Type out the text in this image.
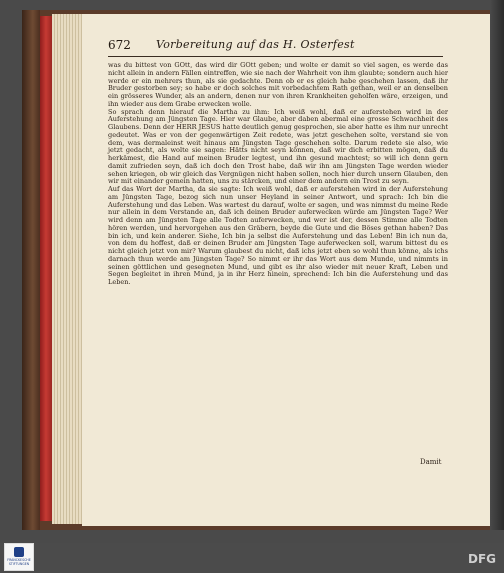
672 Vorbereitung auf das H. Osterfest

was du bittest von GOtt, das wird dir GOtt geben; und wolte er damit so viel sagen, es werde das nicht allein in andern Fällen eintreffen, wie sie nach der Wahrheit von ihm glaubte; sondern auch hier werde er ein mehrers thun, als sie gedachte. Denn ob er es gleich habe geschehen lassen, daß ihr Bruder gestorben sey; so habe er doch solches mit vorbedachtem Rath gethan, weil er an denselben ein grösseres Wunder, als an andern, denen nur von ihren Krankheiten geholfen wäre, erzeigen, und ihn wieder aus dem Grabe erwecken wolle.

So sprach denn hierauf die Martha zu ihm: Ich weiß wohl, daß er auferstehen wird in der Auferstehung am Jüngsten Tage. Hier war Glaube, aber daben abermal eine grosse Schwachheit des Glaubens. Denn der HERR JESUS hatte deutlich genug gesprochen, sie aber hatte es ihm nur unrecht gedeutet. Was er von der gegenwärtigen Zeit redete, was jetzt geschehen solte, verstand sie von dem, was dermaleinst weit hinaus am Jüngsten Tage geschehen solte. Darum redete sie also, wie jetzt gedacht, als wolte sie sagen: Hätts nicht seyn können, daß wir dich erbitten mögen, daß du herkämest, die Hand auf meinen Bruder legtest, und ihn gesund machtest; so will ich denn gern damit zufrieden seyn, daß ich doch den Trost habe, daß wir ihn am Jüngsten Tage werden wieder sehen kriegen, ob wir gleich das Vergnügen nicht haben sollen, noch hier durch unsern Glauben, den wir mit einander gemein hatten, uns zu stärcken, und einer dem andern ein Trost zu seyn.

Auf das Wort der Martha, da sie sagte: Ich weiß wohl, daß er auferstehen wird in der Auferstehung am Jüngsten Tage, bezog sich nun unser Heyland in seiner Antwort, und sprach: Ich bin die Auferstehung und das Leben. Was wartest du darauf, wolte er sagen, und was nimmst du meine Rede nur allein in dem Verstande an, daß ich deinen Bruder auferwecken würde am Jüngsten Tage? Wer wird denn am Jüngsten Tage alle Todten auferwecken, und wer ist der, dessen Stimme alle Todten hören werden, und hervorgehen aus den Gräbern, beyde die Gute und die Böses gethan haben? Das bin ich, und kein anderer. Siehe, Ich bin ja selbst die Auferstehung und das Leben! Bin ich nun da, von dem du hoffest, daß er deinen Bruder am Jüngsten Tage auferwecken soll, warum bittest du es nicht gleich jetzt von mir? Warum glaubest du nicht, daß ichs jetzt eben so wohl thun könne, als ichs darnach thun werde am Jüngsten Tage? So nimmt er ihr das Wort aus dem Munde, und nimmts in seinen göttlichen und gesegneten Mund, und gibt es ihr also wieder mit neuer Kraft, Leben und Segen begleitet in ihren Mund, ja in ihr Herz hinein, sprechend: Ich bin die Auferstehung und das Leben.

Damit
FRANCKESCHE STIFTUNGEN	DFG
